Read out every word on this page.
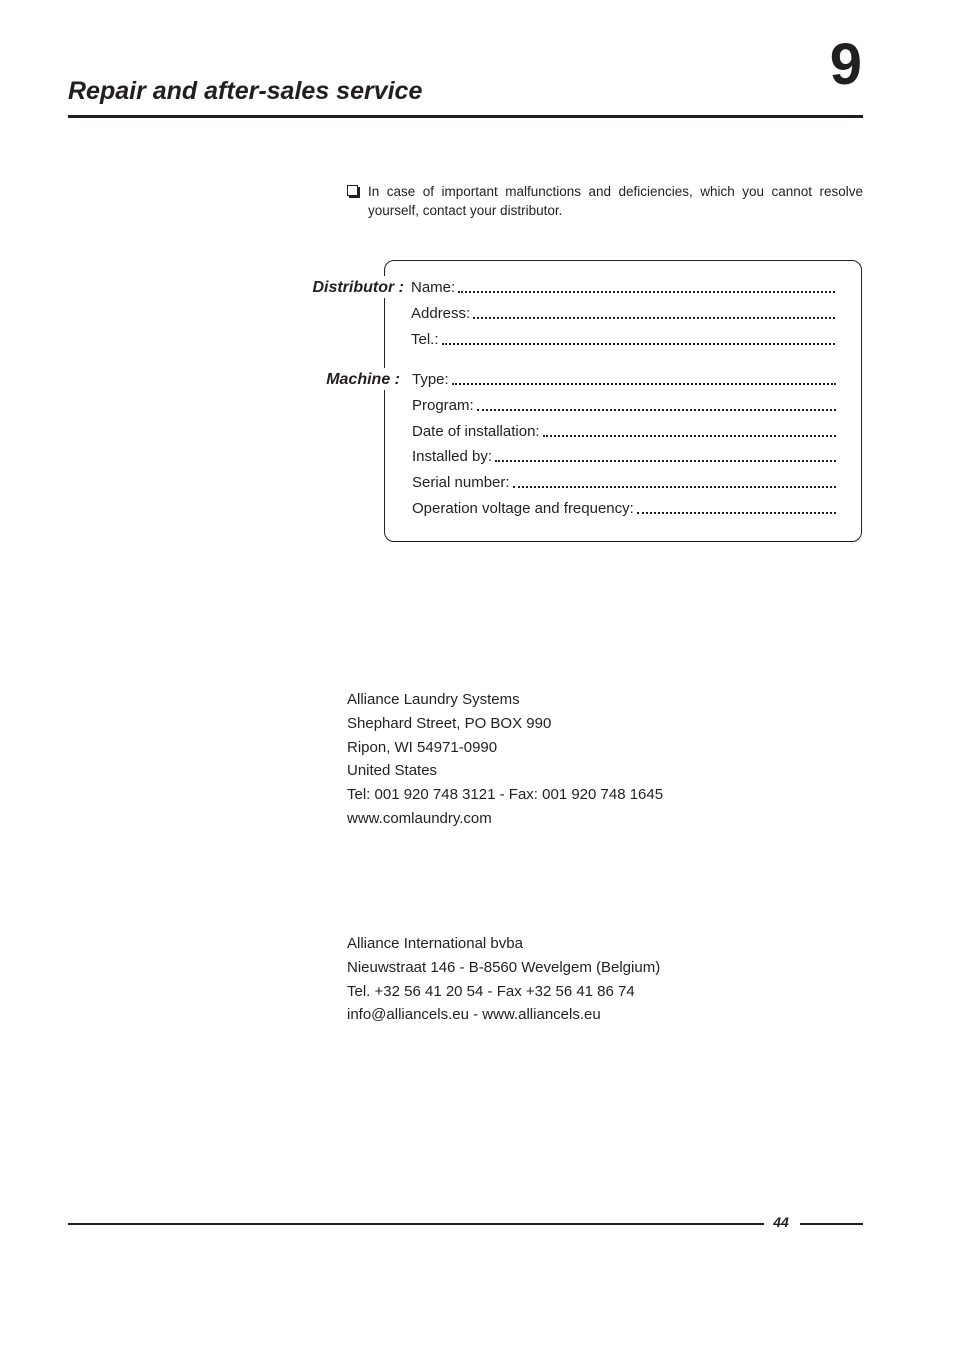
9
Repair and after-sales service
In case of important malfunctions and deficiencies, which you cannot resolve yourself, contact your distributor.
Distributor :
Machine :
Name:
Address:
Tel.:
Type:
Program:
Date of installation:
Installed by:
Serial number:
Operation voltage and frequency:
Alliance Laundry Systems
Shephard Street, PO BOX 990
Ripon, WI 54971-0990
United States
Tel: 001 920 748 3121 - Fax: 001 920 748 1645
www.comlaundry.com
Alliance International bvba
Nieuwstraat 146 - B-8560 Wevelgem (Belgium)
Tel. +32 56 41 20 54 - Fax +32 56 41 86 74
info@alliancels.eu - www.alliancels.eu
44
